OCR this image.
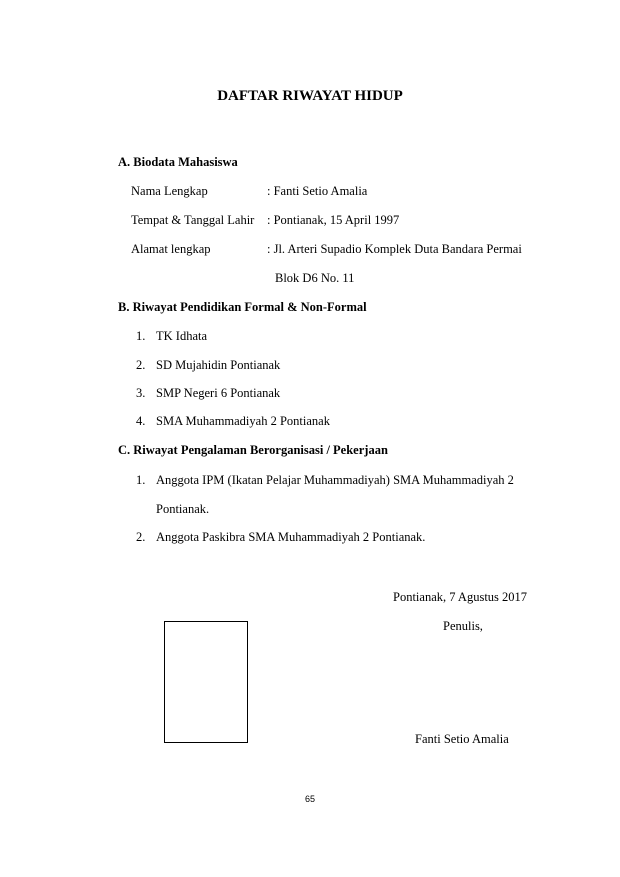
DAFTAR RIWAYAT HIDUP
A. Biodata Mahasiswa
Nama Lengkap	: Fanti Setio Amalia
Tempat & Tanggal Lahir : Pontianak, 15 April 1997
Alamat lengkap	: Jl. Arteri Supadio Komplek Duta Bandara Permai
Blok D6 No. 11
B. Riwayat Pendidikan Formal & Non-Formal
1. TK Idhata
2. SD Mujahidin Pontianak
3. SMP Negeri 6 Pontianak
4. SMA Muhammadiyah 2 Pontianak
C. Riwayat Pengalaman Berorganisasi / Pekerjaan
1. Anggota IPM (Ikatan Pelajar Muhammadiyah) SMA Muhammadiyah 2
Pontianak.
2. Anggota Paskibra SMA Muhammadiyah 2 Pontianak.
Pontianak, 7 Agustus 2017
Penulis,
Fanti Setio Amalia
65
